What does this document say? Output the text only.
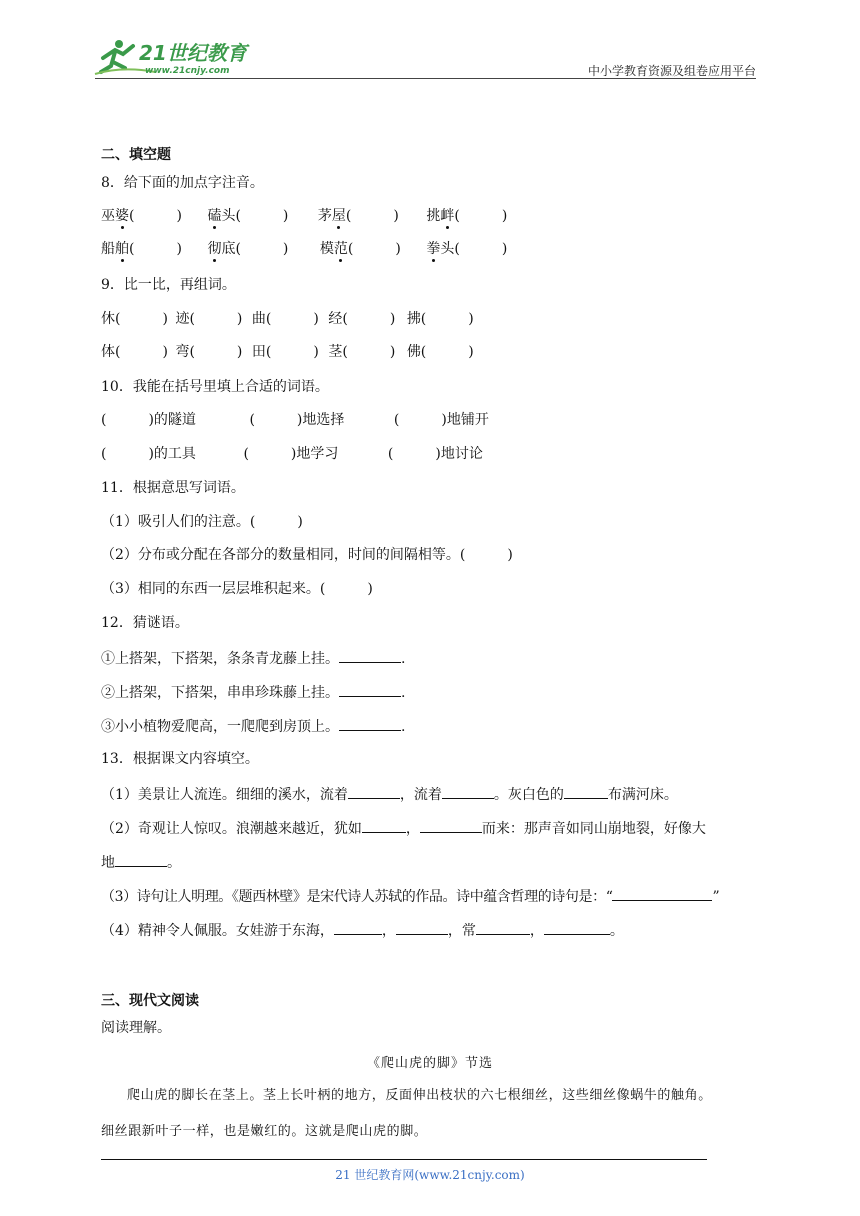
21世纪教育
www.21cnjy.com	中小学教育资源及组卷应用平台
二、填空题
8．给下面的加点字注音。
巫婆(　　　) 磕头(　　　) 茅屋(　　　) 挑衅(　　　)
船舶(　　　) 彻底(　　　) 模范(　　　) 拳头(　　　)
9．比一比，再组词。
休(　　　) 迹(　　　) 曲(　　　) 经(　　　) 拂(　　　)
体(　　　) 弯(　　　) 田(　　　) 茎(　　　) 佛(　　　)
10．我能在括号里填上合适的词语。
(　　　)的隧道	(　　　)地选择	(　　　)地铺开
(　　　)的工具	(　　　)地学习	(　　　)地讨论
11．根据意思写词语。
（1）吸引人们的注意。(　　　)
（2）分布或分配在各部分的数量相同，时间的间隔相等。(　　　)
（3）相同的东西一层层堆积起来。(　　　)
12．猜谜语。
①上搭架，下搭架，条条青龙藤上挂。	.
②上搭架，下搭架，串串珍珠藤上挂。	.
③小小植物爱爬高，一爬爬到房顶上。	.
13．根据课文内容填空。
（1）美景让人流连。细细的溪水，流着	，流着	。灰白色的	布满河床。
（2）奇观让人惊叹。浪潮越来越近，犹如	，	而来：那声音如同山崩地裂，好像大
地	。
（3）诗句让人明理。《题西林壁》是宋代诗人苏轼的作品。诗中蕴含哲理的诗句是：“	”
（4）精神令人佩服。女娃游于东海，	，	，常	，	。
三、现代文阅读
阅读理解。
《爬山虎的脚》节选
爬山虎的脚长在茎上。茎上长叶柄的地方，反面伸出枝状的六七根细丝，这些细丝像蜗牛的触角。
细丝跟新叶子一样，也是嫩红的。这就是爬山虎的脚。
21 世纪教育网(www.21cnjy.com)
